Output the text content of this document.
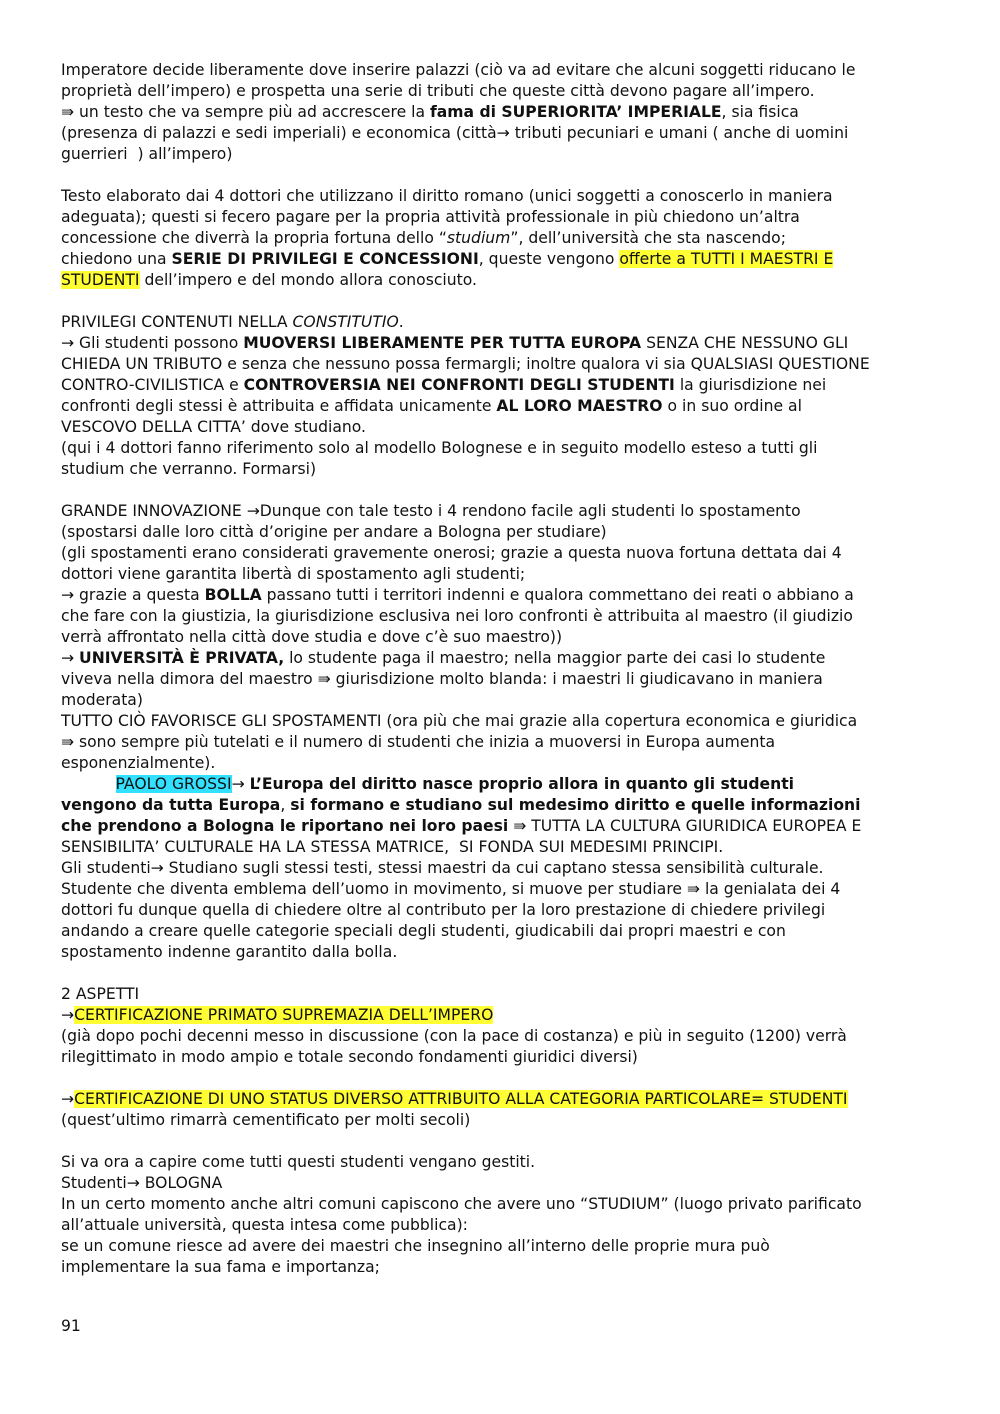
Imperatore decide liberamente dove inserire palazzi (ciò va ad evitare che alcuni soggetti riducano le
proprietà dell’impero) e prospetta una serie di tributi che queste città devono pagare all’impero.
⇛ un testo che va sempre più ad accrescere la fama di SUPERIORITA’ IMPERIALE, sia fisica
(presenza di palazzi e sedi imperiali) e economica (città→ tributi pecuniari e umani ( anche di uomini
guerrieri  ) all’impero)
Testo elaborato dai 4 dottori che utilizzano il diritto romano (unici soggetti a conoscerlo in maniera
adeguata); questi si fecero pagare per la propria attività professionale in più chiedono un’altra
concessione che diverrà la propria fortuna dello “studium”, dell’università che sta nascendo;
chiedono una SERIE DI PRIVILEGI E CONCESSIONI, queste vengono offerte a TUTTI I MAESTRI E
STUDENTI dell’impero e del mondo allora conosciuto.
PRIVILEGI CONTENUTI NELLA CONSTITUTIO.
→ Gli studenti possono MUOVERSI LIBERAMENTE PER TUTTA EUROPA SENZA CHE NESSUNO GLI
CHIEDA UN TRIBUTO e senza che nessuno possa fermargli; inoltre qualora vi sia QUALSIASI QUESTIONE
CONTRO-CIVILISTICA e CONTROVERSIA NEI CONFRONTI DEGLI STUDENTI la giurisdizione nei
confronti degli stessi è attribuita e affidata unicamente AL LORO MAESTRO o in suo ordine al
VESCOVO DELLA CITTA’ dove studiano.
(qui i 4 dottori fanno riferimento solo al modello Bolognese e in seguito modello esteso a tutti gli
studium che verranno. Formarsi)
GRANDE INNOVAZIONE →Dunque con tale testo i 4 rendono facile agli studenti lo spostamento
(spostarsi dalle loro città d’origine per andare a Bologna per studiare)
(gli spostamenti erano considerati gravemente onerosi; grazie a questa nuova fortuna dettata dai 4
dottori viene garantita libertà di spostamento agli studenti;
→ grazie a questa BOLLA passano tutti i territori indenni e qualora commettano dei reati o abbiano a
che fare con la giustizia, la giurisdizione esclusiva nei loro confronti è attribuita al maestro (il giudizio
verrà affrontato nella città dove studia e dove c’è suo maestro))
→ UNIVERSITÀ È PRIVATA, lo studente paga il maestro; nella maggior parte dei casi lo studente
viveva nella dimora del maestro ⇛ giurisdizione molto blanda: i maestri li giudicavano in maniera
moderata)
TUTTO CIÒ FAVORISCE GLI SPOSTAMENTI (ora più che mai grazie alla copertura economica e giuridica
⇛ sono sempre più tutelati e il numero di studenti che inizia a muoversi in Europa aumenta
esponenzialmente).
PAOLO GROSSI→ L’Europa del diritto nasce proprio allora in quanto gli studenti
vengono da tutta Europa, si formano e studiano sul medesimo diritto e quelle informazioni
che prendono a Bologna le riportano nei loro paesi ⇛ TUTTA LA CULTURA GIURIDICA EUROPEA E
SENSIBILITA’ CULTURALE HA LA STESSA MATRICE,  SI FONDA SUI MEDESIMI PRINCIPI.
Gli studenti→ Studiano sugli stessi testi, stessi maestri da cui captano stessa sensibilità culturale.
Studente che diventa emblema dell’uomo in movimento, si muove per studiare ⇛ la genialata dei 4
dottori fu dunque quella di chiedere oltre al contributo per la loro prestazione di chiedere privilegi
andando a creare quelle categorie speciali degli studenti, giudicabili dai propri maestri e con
spostamento indenne garantito dalla bolla.
2 ASPETTI
→CERTIFICAZIONE PRIMATO SUPREMAZIA DELL’IMPERO
(già dopo pochi decenni messo in discussione (con la pace di costanza) e più in seguito (1200) verrà
rilegittimato in modo ampio e totale secondo fondamenti giuridici diversi)
→CERTIFICAZIONE DI UNO STATUS DIVERSO ATTRIBUITO ALLA CATEGORIA PARTICOLARE= STUDENTI
(quest’ultimo rimarrà cementificato per molti secoli)
Si va ora a capire come tutti questi studenti vengano gestiti.
Studenti→ BOLOGNA
In un certo momento anche altri comuni capiscono che avere uno “STUDIUM” (luogo privato parificato
all’attuale università, questa intesa come pubblica):
se un comune riesce ad avere dei maestri che insegnino all’interno delle proprie mura può
implementare la sua fama e importanza;
91
